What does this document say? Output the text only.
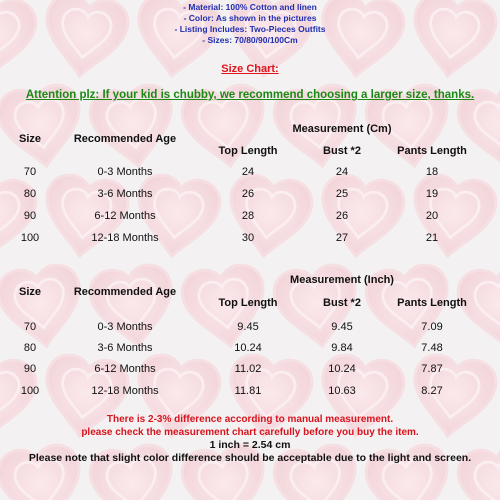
- Material: 100% Cotton and linen
- Color: As shown in the pictures
- Listing Includes: Two-Pieces Outfits
- Sizes: 70/80/90/100Cm
Size Chart:
Attention plz: If your kid is chubby, we recommend choosing a larger size, thanks.
Measurement (Cm)
Size	Recommended Age
Top Length	Bust *2	Pants Length
70	0-3 Months	24	24	18
80	3-6 Months	26	25	19
90	6-12 Months	28	26	20
100	12-18 Months	30	27	21
Measurement (Inch)
Size	Recommended Age
Top Length	Bust *2	Pants Length
70	0-3 Months	9.45	9.45	7.09
80	3-6 Months	10.24	9.84	7.48
90	6-12 Months	11.02	10.24	7.87
100	12-18 Months	11.81	10.63	8.27
There is 2-3% difference according to manual measurement.
please check the measurement chart carefully before you buy the item.
1 inch = 2.54 cm
Please note that slight color difference should be acceptable due to the light and screen.
